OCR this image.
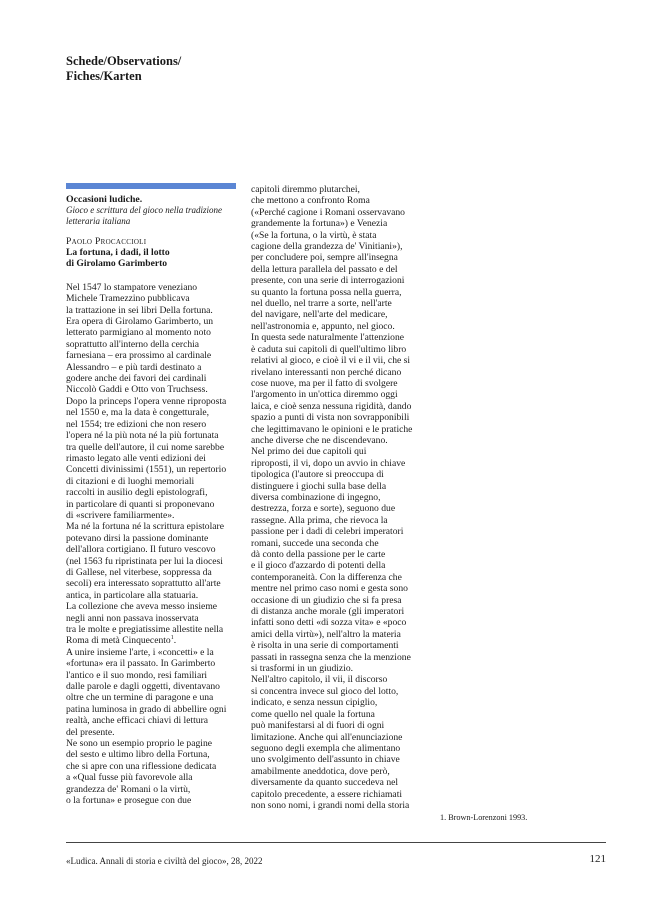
Schede/Observations/
Fiches/Karten
Occasioni ludiche.
Gioco e scrittura del gioco nella tradizione
letteraria italiana
Paolo Procaccioli
La fortuna, i dadi, il lotto
di Girolamo Garimberto
Nel 1547 lo stampatore veneziano
Michele Tramezzino pubblicava
la trattazione in sei libri Della fortuna.
Era opera di Girolamo Garimberto, un
letterato parmigiano al momento noto
soprattutto all'interno della cerchia
farnesiana – era prossimo al cardinale
Alessandro – e più tardi destinato a
godere anche dei favori dei cardinali
Niccolò Gaddi e Otto von Truchsess.
Dopo la princeps l'opera venne riproposta
nel 1550 e, ma la data è congetturale,
nel 1554; tre edizioni che non resero
l'opera né la più nota né la più fortunata
tra quelle dell'autore, il cui nome sarebbe
rimasto legato alle venti edizioni dei
Concetti divinissimi (1551), un repertorio
di citazioni e di luoghi memoriali
raccolti in ausilio degli epistolografi,
in particolare di quanti si proponevano
di «scrivere familiarmente».
Ma né la fortuna né la scrittura epistolare
potevano dirsi la passione dominante
dell'allora cortigiano. Il futuro vescovo
(nel 1563 fu ripristinata per lui la diocesi
di Gallese, nel viterbese, soppressa da
secoli) era interessato soprattutto all'arte
antica, in particolare alla statuaria.
La collezione che aveva messo insieme
negli anni non passava inosservata
tra le molte e pregiatissime allestite nella
Roma di metà Cinquecento$^1$.
A unire insieme l'arte, i «concetti» e la
«fortuna» era il passato. In Garimberto
l'antico e il suo mondo, resi familiari
dalle parole e dagli oggetti, diventavano
oltre che un termine di paragone e una
patina luminosa in grado di abbellire ogni
realtà, anche efficaci chiavi di lettura
del presente.
Ne sono un esempio proprio le pagine
del sesto e ultimo libro della Fortuna,
che si apre con una riflessione dedicata
a «Qual fusse più favorevole alla
grandezza de' Romani o la virtù,
o la fortuna» e prosegue con due
capitoli diremmo plutarchei,
che mettono a confronto Roma
(«Perché cagione i Romani osservavano
grandemente la fortuna») e Venezia
(«Se la fortuna, o la virtù, è stata
cagione della grandezza de' Vinitiani»),
per concludere poi, sempre all'insegna
della lettura parallela del passato e del
presente, con una serie di interrogazioni
su quanto la fortuna possa nella guerra,
nel duello, nel trarre a sorte, nell'arte
del navigare, nell'arte del medicare,
nell'astronomia e, appunto, nel gioco.
In questa sede naturalmente l'attenzione
è caduta sui capitoli di quell'ultimo libro
relativi al gioco, e cioè il vi e il vii, che si
rivelano interessanti non perché dicano
cose nuove, ma per il fatto di svolgere
l'argomento in un'ottica diremmo oggi
laica, e cioè senza nessuna rigidità, dando
spazio a punti di vista non sovrapponibili
che legittimavano le opinioni e le pratiche
anche diverse che ne discendevano.
Nel primo dei due capitoli qui
riproposti, il vi, dopo un avvio in chiave
tipologica (l'autore si preoccupa di
distinguere i giochi sulla base della
diversa combinazione di ingegno,
destrezza, forza e sorte), seguono due
rassegne. Alla prima, che rievoca la
passione per i dadi di celebri imperatori
romani, succede una seconda che
dà conto della passione per le carte
e il gioco d'azzardo di potenti della
contemporaneità. Con la differenza che
mentre nel primo caso nomi e gesta sono
occasione di un giudizio che si fa presa
di distanza anche morale (gli imperatori
infatti sono detti «di sozza vita» e «poco
amici della virtù»), nell'altro la materia
è risolta in una serie di comportamenti
passati in rassegna senza che la menzione
si trasformi in un giudizio.
Nell'altro capitolo, il vii, il discorso
si concentra invece sul gioco del lotto,
indicato, e senza nessun cipiglio,
come quello nel quale la fortuna
può manifestarsi al di fuori di ogni
limitazione. Anche qui all'enunciazione
seguono degli exempla che alimentano
uno svolgimento dell'assunto in chiave
amabilmente aneddotica, dove però,
diversamente da quanto succedeva nel
capitolo precedente, a essere richiamati
non sono nomi, i grandi nomi della storia
1. Brown-Lorenzoni 1993.
«Ludica. Annali di storia e civiltà del gioco», 28, 2022	121
